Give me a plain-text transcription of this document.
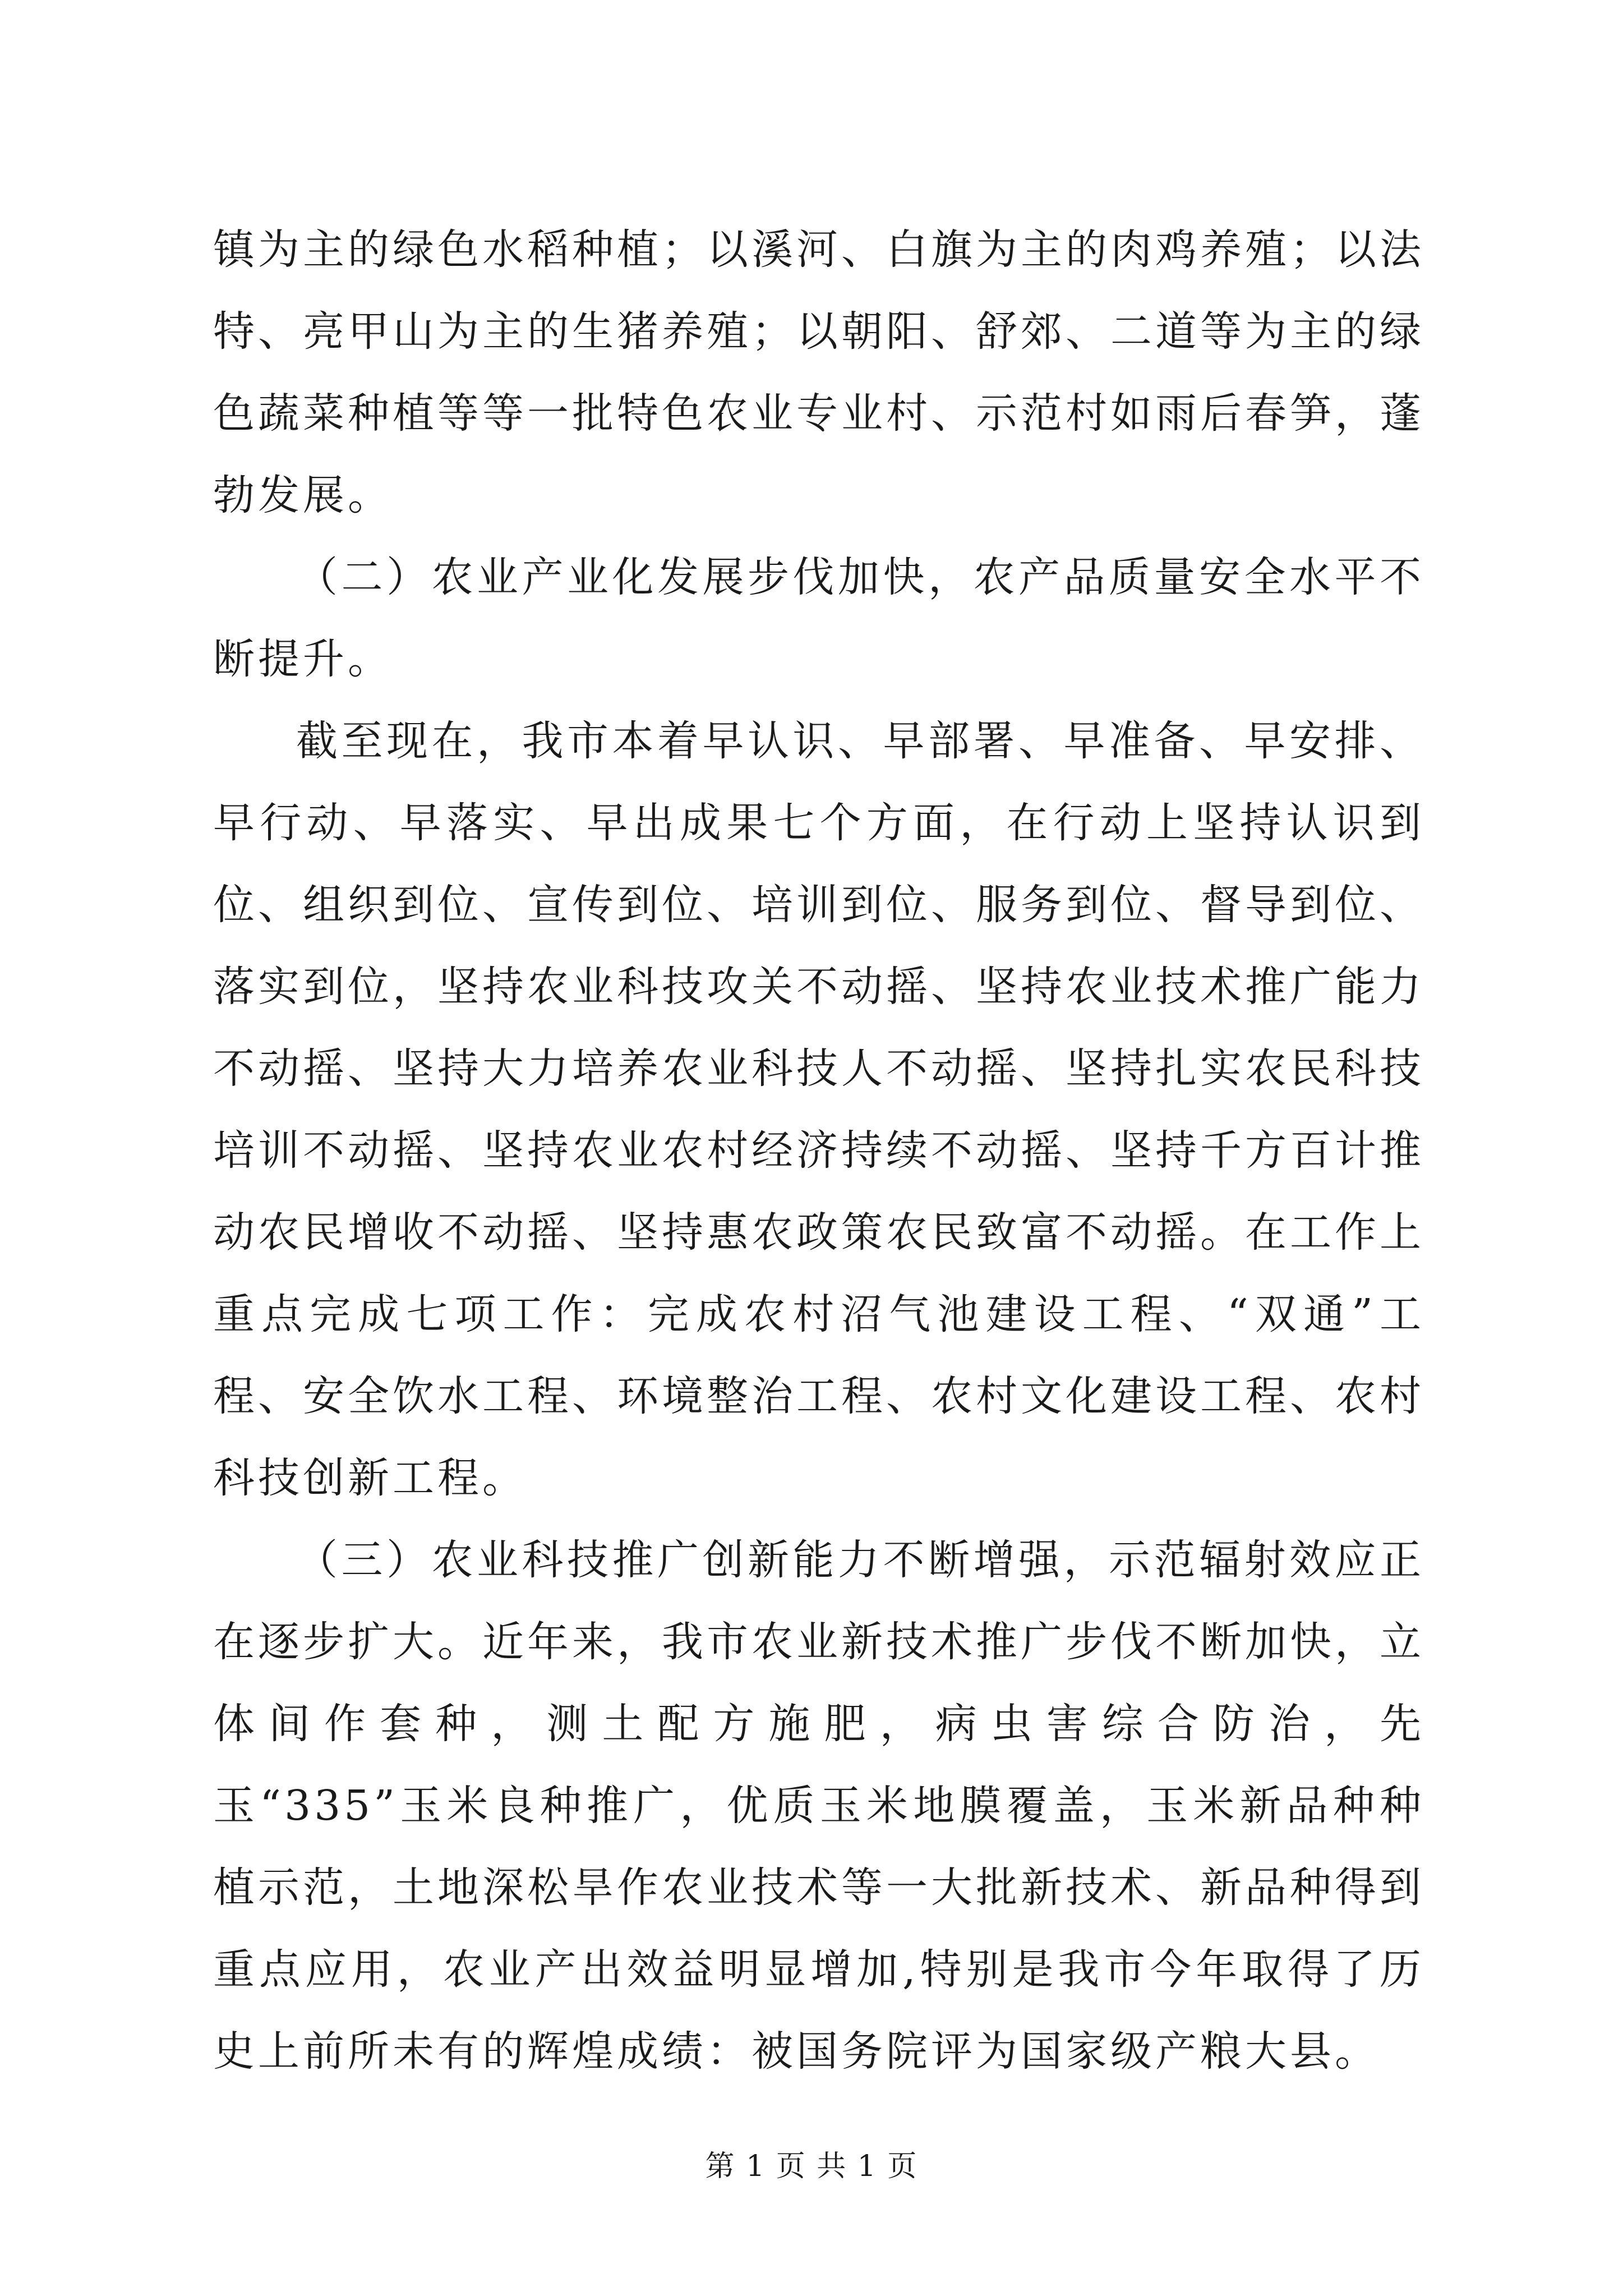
镇为主的绿色水稻种植；以溪河、白旗为主的肉鸡养殖；以法特、亮甲山为主的生猪养殖；以朝阳、舒郊、二道等为主的绿色蔬菜种植等等一批特色农业专业村、示范村如雨后春笋，蓬勃发展。

（二）农业产业化发展步伐加快，农产品质量安全水平不断提升。

截至现在，我市本着早认识、早部署、早准备、早安排、早行动、早落实、早出成果七个方面，在行动上坚持认识到位、组织到位、宣传到位、培训到位、服务到位、督导到位、落实到位，坚持农业科技攻关不动摇、坚持农业技术推广能力不动摇、坚持大力培养农业科技人不动摇、坚持扎实农民科技培训不动摇、坚持农业农村经济持续不动摇、坚持千方百计推动农民增收不动摇、坚持惠农政策农民致富不动摇。在工作上重点完成七项工作：完成农村沼气池建设工程、“双通”工程、安全饮水工程、环境整治工程、农村文化建设工程、农村科技创新工程。

（三）农业科技推广创新能力不断增强，示范辐射效应正在逐步扩大。近年来，我市农业新技术推广步伐不断加快，立体间作套种，测土配方施肥，病虫害综合防治，先玉“335”玉米良种推广，优质玉米地膜覆盖，玉米新品种种植示范，土地深松旱作农业技术等一大批新技术、新品种得到重点应用，农业产出效益明显增加,特别是我市今年取得了历史上前所未有的辉煌成绩：被国务院评为国家级产粮大县。

第 1 页 共 1 页
